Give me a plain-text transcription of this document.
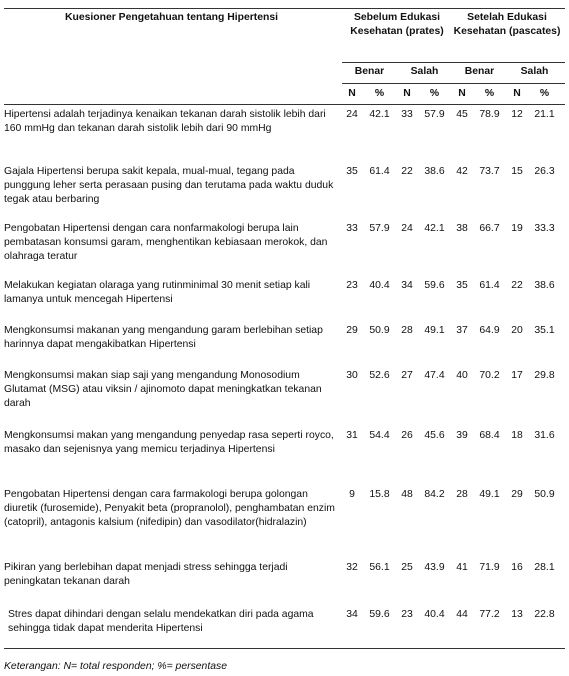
Kuesioner Pengetahuan tentang Hipertensi	Sebelum Edukasi Kesehatan (prates)
Setelah Edukasi Kesehatan (pascates)
Benar	Salah	Benar	Salah
N	%	N	%	N	%	N	%
Hipertensi adalah terjadinya kenaikan tekanan darah sistolik lebih dari 160 mmHg dan tekanan darah sistolik lebih dari 90 mmHg
24	42.1	33	57.9	45	78.9	12	21.1
Gajala Hipertensi berupa sakit kepala, mual-mual, tegang pada punggung leher serta perasaan pusing dan terutama pada waktu duduk tegak atau berbaring
35	61.4	22	38.6	42	73.7	15	26.3
Pengobatan Hipertensi dengan cara nonfarmakologi berupa lain pembatasan konsumsi garam, menghentikan kebiasaan merokok, dan olahraga teratur
33	57.9	24	42.1	38	66.7	19	33.3
Melakukan kegiatan olaraga yang rutinminimal 30 menit setiap kali lamanya untuk mencegah Hipertensi
23	40.4	34	59.6	35	61.4	22	38.6
Mengkonsumsi makanan yang mengandung garam berlebihan setiap harinnya dapat mengakibatkan Hipertensi
29	50.9	28	49.1	37	64.9	20	35.1
Mengkonsumsi makan siap saji yang mengandung Monosodium Glutamat (MSG) atau viksin / ajinomoto dapat meningkatkan tekanan darah
30	52.6	27	47.4	40	70.2	17	29.8
Mengkonsumsi makan yang mengandung penyedap rasa seperti royco, masako dan sejenisnya yang memicu terjadinya Hipertensi
31	54.4	26	45.6	39	68.4	18	31.6
Pengobatan Hipertensi dengan cara farmakologi berupa golongan diuretik (furosemide), Penyakit beta (propranolol), penghambatan enzim (catopril), antagonis kalsium (nifedipin) dan vasodilator(hidralazin)
9	15.8	48	84.2	28	49.1	29	50.9
Pikiran yang berlebihan dapat menjadi stress sehingga terjadi peningkatan tekanan darah
32	56.1	25	43.9	41	71.9	16	28.1
Stres dapat dihindari dengan selalu mendekatkan diri pada agama sehingga tidak dapat menderita Hipertensi
34	59.6	23	40.4	44	77.2	13	22.8
Keterangan: N= total responden; %= persentase
